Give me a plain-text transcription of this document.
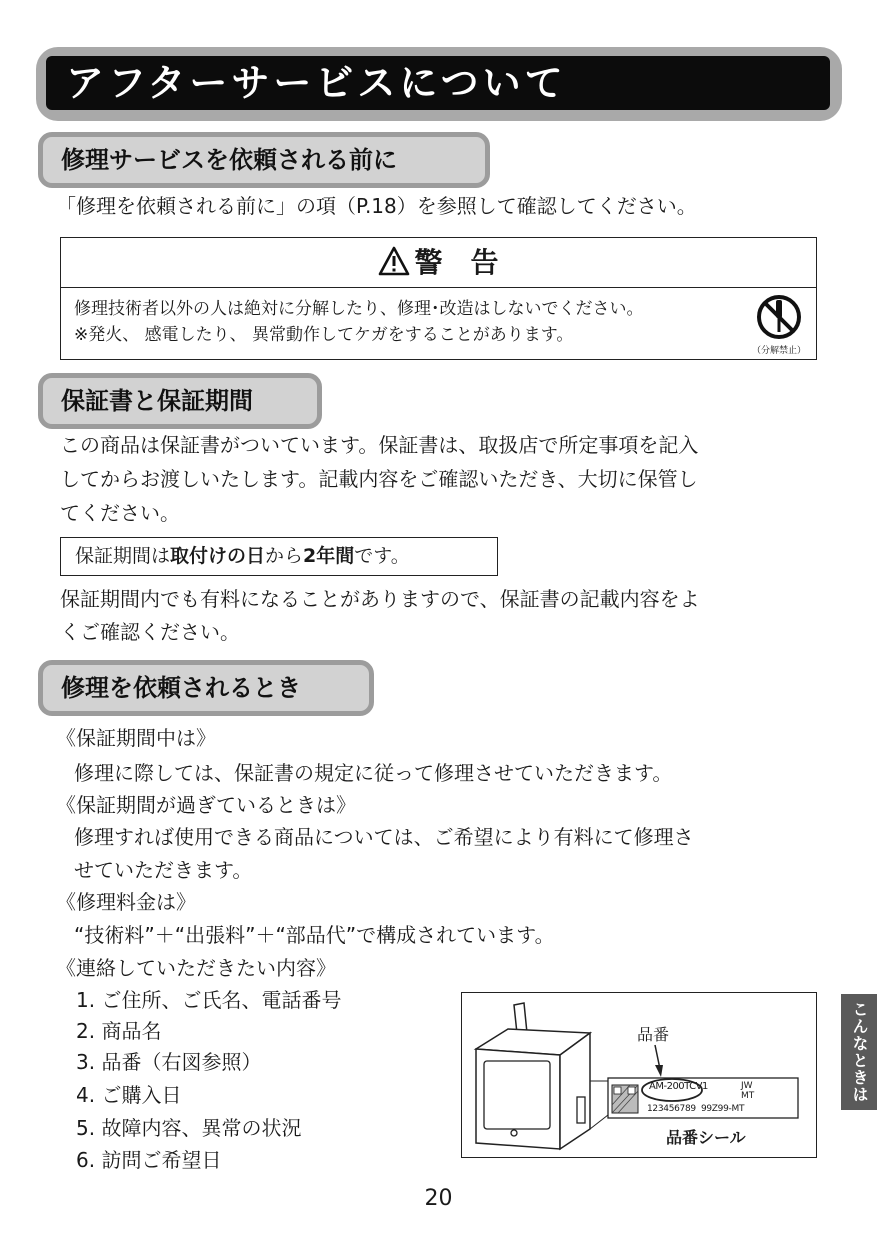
アフターサービスについて
修理サービスを依頼される前に
「修理を依頼される前に」の項（P.18）を参照して確認してください。
警　告
修理技術者以外の人は絶対に分解したり、修理･改造はしないでください。
※発火、 感電したり、 異常動作してケガをすることがあります。
（分解禁止）
保証書と保証期間
この商品は保証書がついています。保証書は、取扱店で所定事項を記入
してからお渡しいたします。記載内容をご確認いただき、大切に保管し
てください。
保証期間は取付けの日から2年間です。
保証期間内でも有料になることがありますので、保証書の記載内容をよ
くご確認ください。
修理を依頼されるとき
《保証期間中は》
修理に際しては、保証書の規定に従って修理させていただきます。
《保証期間が過ぎているときは》
修理すれば使用できる商品については、ご希望により有料にて修理さ
せていただきます。
《修理料金は》
“技術料”＋“出張料”＋“部品代”で構成されています。
《連絡していただきたい内容》
1. ご住所、ご氏名、電話番号
2. 商品名
3. 品番（右図参照）
4. ご購入日
5. 故障内容、異常の状況
6. 訪問ご希望日
品番
AM-200TCV1	JW
MT
123456789  99Z99-MT
品番シール
こんなときは
20
